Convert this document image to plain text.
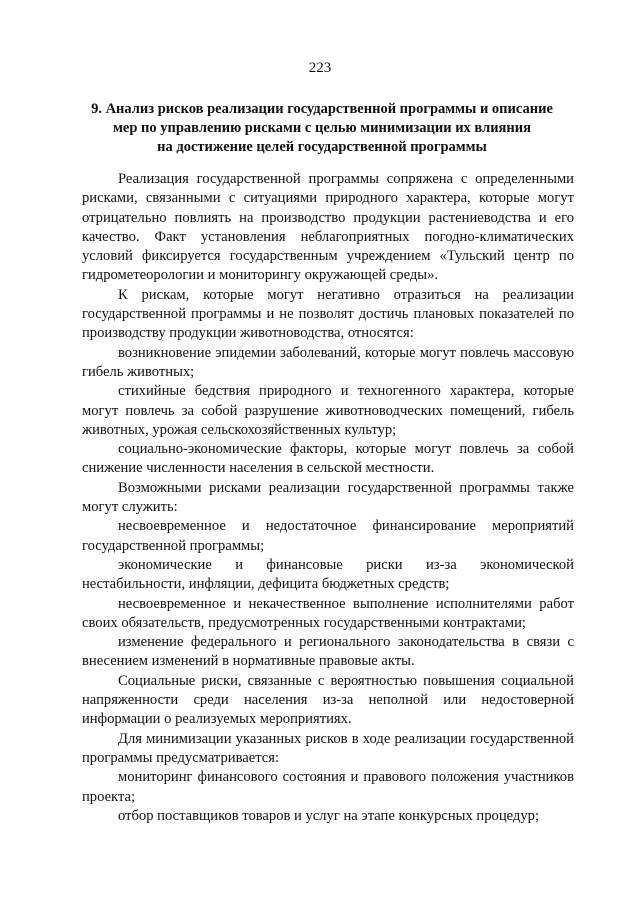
223
9. Анализ рисков реализации государственной программы и описание
мер по управлению рисками с целью минимизации их влияния
на достижение целей государственной программы

Реализация государственной программы сопряжена с определенными рисками, связанными с ситуациями природного характера, которые могут отрицательно повлиять на производство продукции растениеводства и его качество. Факт установления неблагоприятных погодно-климатических условий фиксируется государственным учреждением «Тульский центр по гидрометеорологии и мониторингу окружающей среды».

К рискам, которые могут негативно отразиться на реализации государственной программы и не позволят достичь плановых показателей по производству продукции животноводства, относятся:

возникновение эпидемии заболеваний, которые могут повлечь массовую гибель животных;

стихийные бедствия природного и техногенного характера, которые могут повлечь за собой разрушение животноводческих помещений, гибель животных, урожая сельскохозяйственных культур;

социально-экономические факторы, которые могут повлечь за собой снижение численности населения в сельской местности.

Возможными рисками реализации государственной программы также могут служить:

несвоевременное и недостаточное финансирование мероприятий государственной программы;

экономические и финансовые риски из-за экономической нестабильности, инфляции, дефицита бюджетных средств;

несвоевременное и некачественное выполнение исполнителями работ своих обязательств, предусмотренных государственными контрактами;

изменение федерального и регионального законодательства в связи с внесением изменений в нормативные правовые акты.

Социальные риски, связанные с вероятностью повышения социальной напряженности среди населения из-за неполной или недостоверной информации о реализуемых мероприятиях.

Для минимизации указанных рисков в ходе реализации государственной программы предусматривается:

мониторинг финансового состояния и правового положения участников проекта;

отбор поставщиков товаров и услуг на этапе конкурсных процедур;
